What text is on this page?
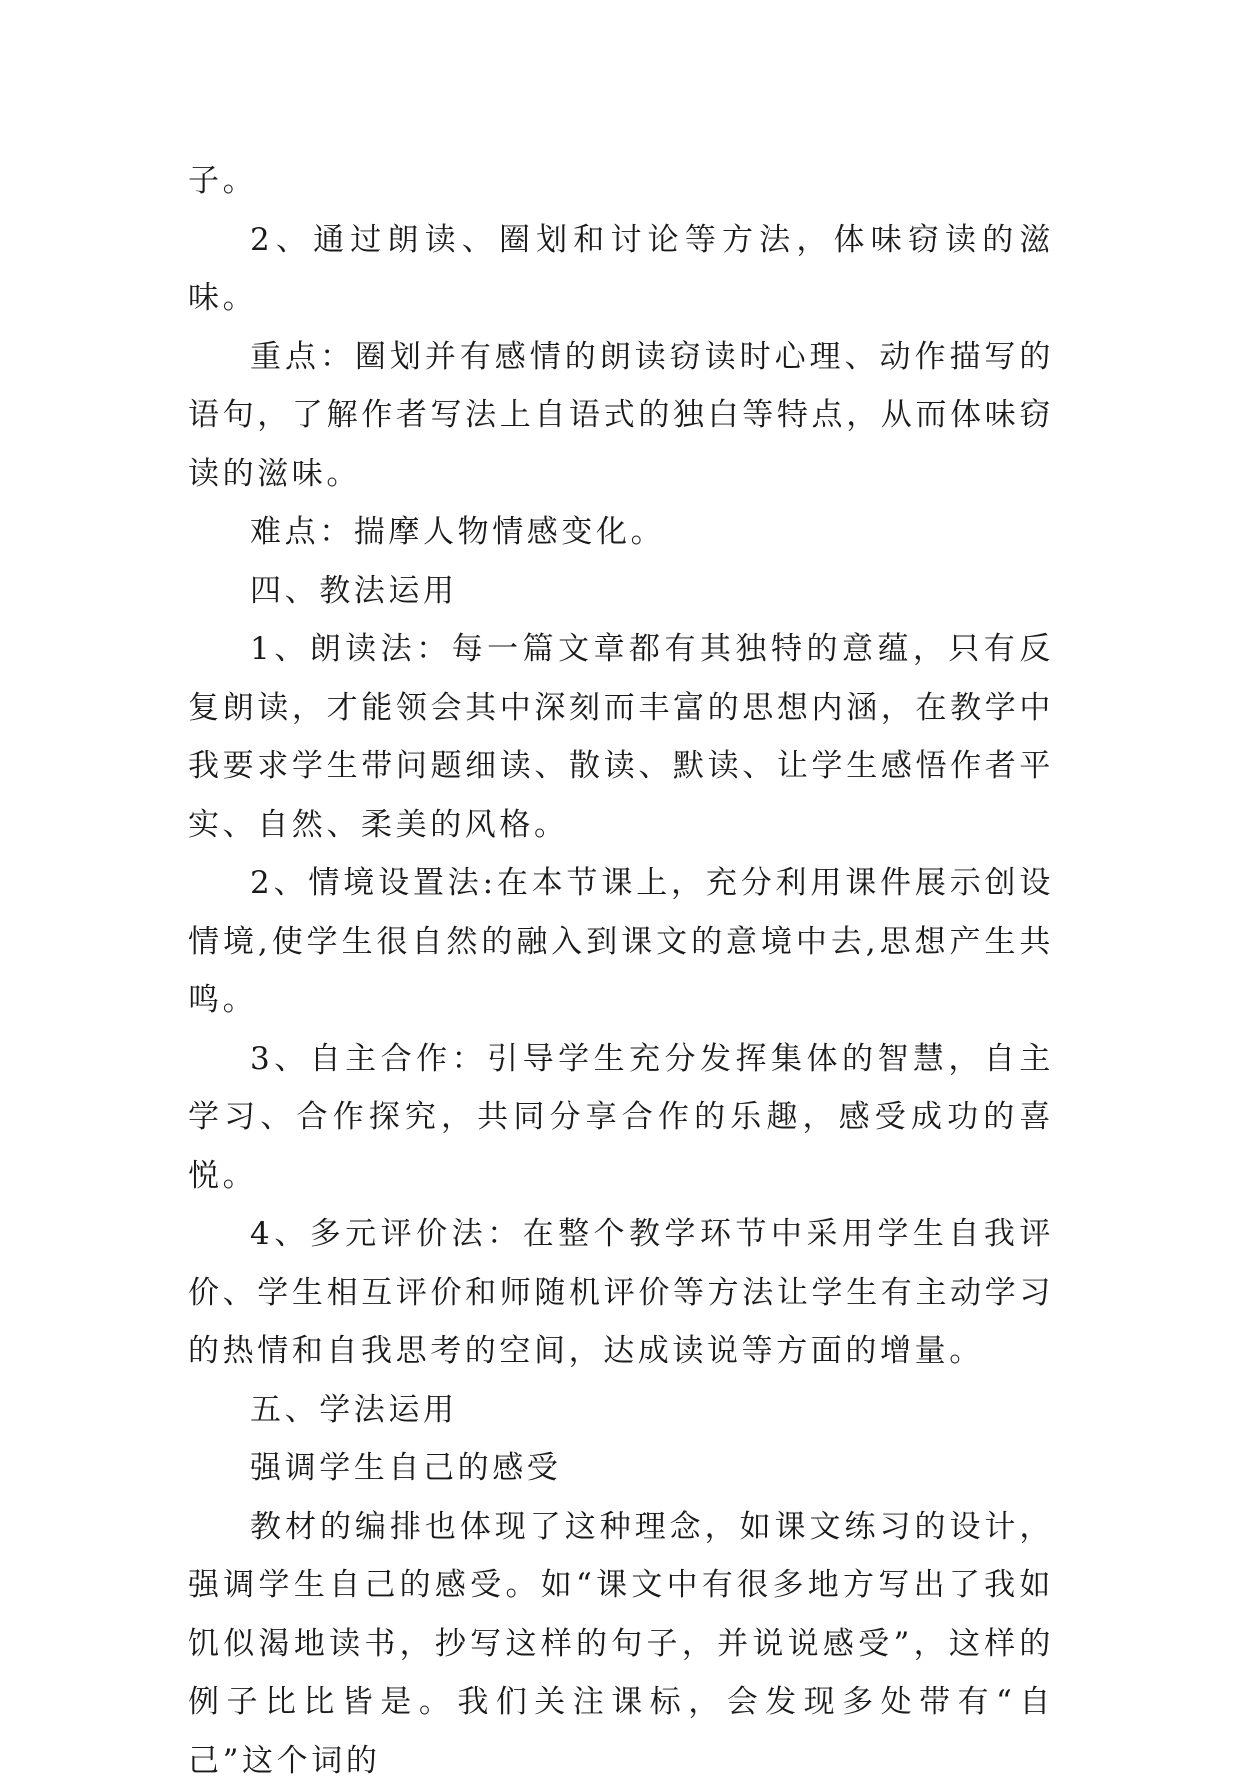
子。

2、通过朗读、圈划和讨论等方法，体味窃读的滋味。

重点：圈划并有感情的朗读窃读时心理、动作描写的语句，了解作者写法上自语式的独白等特点，从而体味窃读的滋味。

难点：揣摩人物情感变化。

四、教法运用

1、朗读法：每一篇文章都有其独特的意蕴，只有反复朗读，才能领会其中深刻而丰富的思想内涵，在教学中我要求学生带问题细读、散读、默读、让学生感悟作者平实、自然、柔美的风格。

2、情境设置法:在本节课上，充分利用课件展示创设情境,使学生很自然的融入到课文的意境中去,思想产生共鸣。

3、自主合作：引导学生充分发挥集体的智慧，自主学习、合作探究，共同分享合作的乐趣，感受成功的喜悦。

4、多元评价法：在整个教学环节中采用学生自我评价、学生相互评价和师随机评价等方法让学生有主动学习的热情和自我思考的空间，达成读说等方面的增量。

五、学法运用

强调学生自己的感受

教材的编排也体现了这种理念，如课文练习的设计，强调学生自己的感受。如“课文中有很多地方写出了我如饥似渴地读书，抄写这样的句子，并说说感受”，这样的例子比比皆是。我们关注课标，会发现多处带有“自己”这个词的
